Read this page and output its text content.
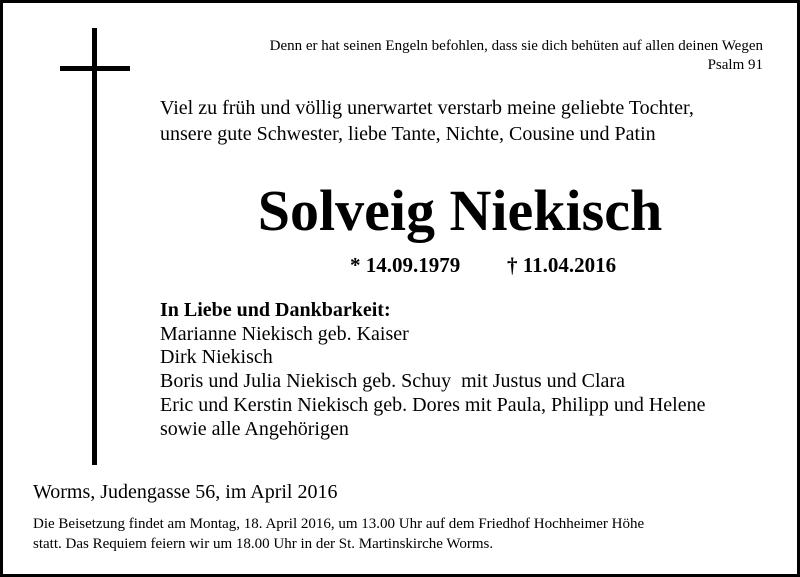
Denn er hat seinen Engeln befohlen, dass sie dich behüten auf allen deinen Wegen
Psalm 91
Viel zu früh und völlig unerwartet verstarb meine geliebte Tochter,
unsere gute Schwester, liebe Tante, Nichte, Cousine und Patin
Solveig Niekisch
* 14.09.1979 † 11.04.2016
In Liebe und Dankbarkeit:
Marianne Niekisch geb. Kaiser
Dirk Niekisch
Boris und Julia Niekisch geb. Schuy  mit Justus und Clara
Eric und Kerstin Niekisch geb. Dores mit Paula, Philipp und Helene
sowie alle Angehörigen
Worms, Judengasse 56, im April 2016
Die Beisetzung findet am Montag, 18. April 2016, um 13.00 Uhr auf dem Friedhof Hochheimer Höhe
statt. Das Requiem feiern wir um 18.00 Uhr in der St. Martinskirche Worms.
